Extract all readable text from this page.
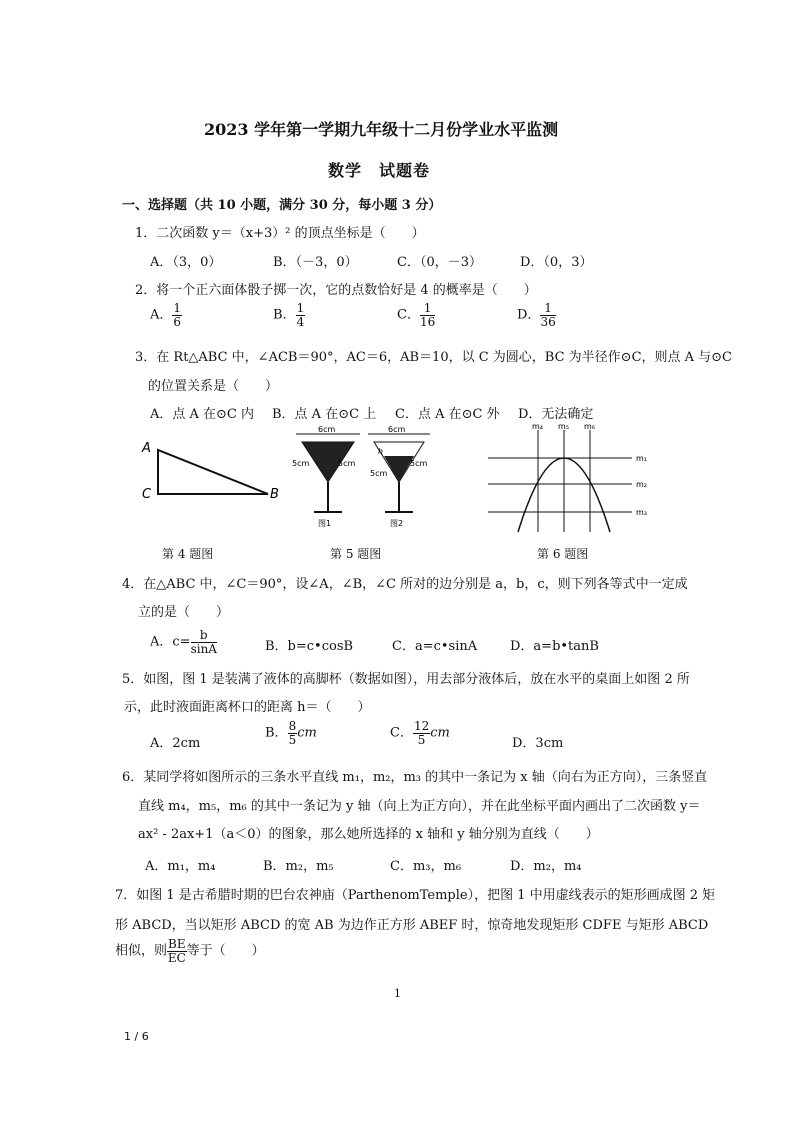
2023 学年第一学期九年级十二月份学业水平监测
数学　试题卷
一、选择题（共 10 小题，满分 30 分，每小题 3 分）
1．二次函数 y＝（x+3）² 的顶点坐标是（　　）
A．（3，0）	B．（－3，0）	C．（0，－3）	D．（0，3）
2．将一个正六面体骰子掷一次，它的点数恰好是 4 的概率是（　　）
A． $\frac{1}{6}$	B． $\frac{1}{4}$	C． $\frac{1}{16}$	D． $\frac{1}{36}$
3．在 Rt△ABC 中，∠ACB＝90°，AC＝6，AB＝10，以 C 为圆心，BC 为半径作⊙C，则点 A 与⊙C
的位置关系是（　　）
A．点 A 在⊙C 内 B．点 A 在⊙C 上 C．点 A 在⊙C 外 D．无法确定
A
C	B
第 4 题图
6cm
5cm	5cm
图1
6cm
h
5cm
5cm
图2
第 5 题图
m₁
m₂
m₃
m₄ m₅ m₆
第 6 题图
4．在△ABC 中，∠C＝90°，设∠A，∠B，∠C 所对的边分别是 a，b，c，则下列各等式中一定成
立的是（　　）
A．$c= \frac{b}{\sin A}$	B．b=c•cosB	C．a=c•sinA	D．a=b•tanB
5．如图，图 1 是装满了液体的高脚杯（数据如图），用去部分液体后，放在水平的桌面上如图 2 所
示，此时液面距离杯口的距离 h＝（　　）
A．2cm
B． $\frac{8}{5}$ cm	C． $\frac{12}{5}$ cm
D．3cm
6．某同学将如图所示的三条水平直线 m₁，m₂，m₃ 的其中一条记为 x 轴（向右为正方向），三条竖直
直线 m₄，m₅，m₆ 的其中一条记为 y 轴（向上为正方向），并在此坐标平面内画出了二次函数 y＝
ax² - 2ax+1（a＜0）的图象，那么她所选择的 x 轴和 y 轴分别为直线（　　）
A．m₁，m₄	B．m₂，m₅	C．m₃，m₆	D．m₂，m₄
7．如图 1 是古希腊时期的巴台农神庙（ParthenomTemple），把图 1 中用虚线表示的矩形画成图 2 矩
形 ABCD，当以矩形 ABCD 的宽 AB 为边作正方形 ABEF 时，惊奇地发现矩形 CDFE 与矩形 ABCD
相似，则 $\frac{BE}{EC}$ 等于（　　）
1
1 / 6
